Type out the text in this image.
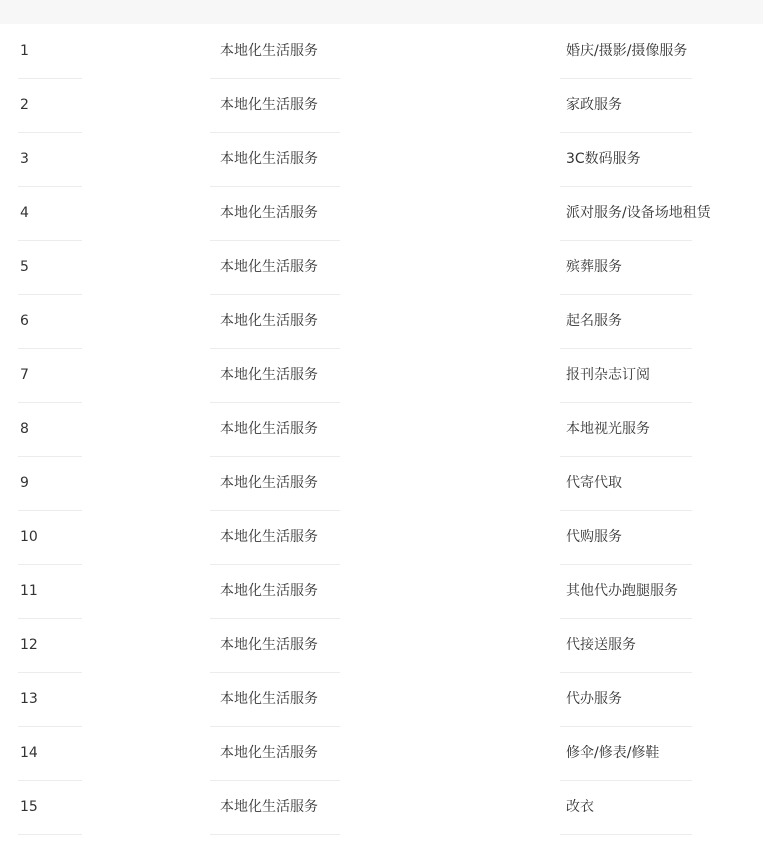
1	本地化生活服务	婚庆/摄影/摄像服务
2	本地化生活服务	家政服务
3	本地化生活服务	3C数码服务
4	本地化生活服务	派对服务/设备场地租赁
5	本地化生活服务	殡葬服务
6	本地化生活服务	起名服务
7	本地化生活服务	报刊杂志订阅
8	本地化生活服务	本地视光服务
9	本地化生活服务	代寄代取
10	本地化生活服务	代购服务
11	本地化生活服务	其他代办跑腿服务
12	本地化生活服务	代接送服务
13	本地化生活服务	代办服务
14	本地化生活服务	修伞/修表/修鞋
15	本地化生活服务	改衣
